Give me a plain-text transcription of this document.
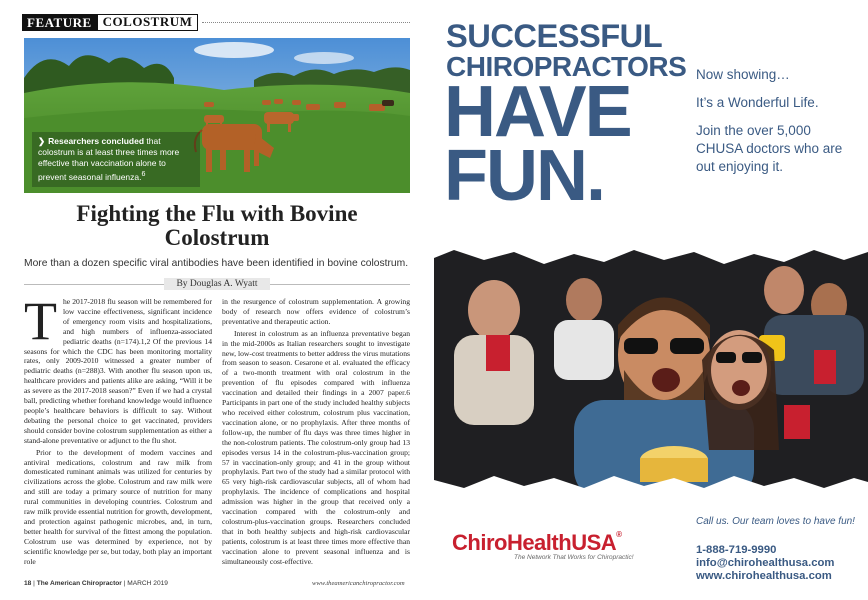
FEATURE COLOSTRUM
❯ Researchers concluded that colostrum is at least three times more effective than vaccination alone to prevent seasonal influenza.$^6$
Fighting the Flu with Bovine Colostrum
More than a dozen specific viral antibodies have been identified in bovine colostrum.
By Douglas A. Wyatt

The 2017-2018 flu season will be remembered for low vaccine effectiveness, significant incidence of emergency room visits and hospitalizations, and high numbers of influenza-associated pediatric deaths (n=174).1,2 Of the previous 14 seasons for which the CDC has been monitoring mortality rates, only 2009-2010 witnessed a greater number of pediatric deaths (n=288)3. With another flu season upon us, healthcare providers and patients alike are asking, “Will it be as severe as the 2017-2018 season?” Even if we had a crystal ball, predicting whether forehand knowledge would influence people’s healthcare behaviors is difficult to say. Without debating the personal choice to get vaccinated, providers should consider bovine colostrum supplementation as either a stand-alone preventative or adjunct to the flu shot.

Prior to the development of modern vaccines and antiviral medications, colostrum and raw milk from domesticated ruminant animals was utilized for centuries by civilizations across the globe. Colostrum and raw milk were and still are today a primary source of nutrition for many rural communities in developing countries. Colostrum and raw milk provide essential nutrition for growth, development, and protection against pathogenic microbes, and, in turn, better health for survival of the fittest among the population. Colostrum use was determined by experience, not by scientific knowledge per se, but today, both play an important role

in the resurgence of colostrum supplementation. A growing body of research now offers evidence of colostrum’s preventative and therapeutic action.

Interest in colostrum as an influenza preventative began in the mid-2000s as Italian researchers sought to investigate new, low-cost treatments to better address the virus mutations from season to season. Cesarone et al. evaluated the efficacy of a two-month treatment with oral colostrum in the prevention of flu episodes compared with influenza vaccination and detailed their findings in a 2007 paper.6 Participants in part one of the study included healthy subjects who received either colostrum, colostrum plus vaccination, vaccination alone, or no prophylaxis. After three months of follow-up, the number of flu days was three times higher in the non-colostrum patients. The colostrum-only group had 13 episodes versus 14 in the colostrum-plus-vaccination group; 57 in vaccination-only group; and 41 in the group without prophylaxis. Part two of the study had a similar protocol with 65 very high-risk cardiovascular subjects, all of whom had prophylaxis. The incidence of complications and hospital admission was higher in the group that received only a vaccination compared with the colostrum-only and colostrum-plus-vaccination groups. Researchers concluded that in both healthy subjects and high-risk cardiovascular patients, colostrum is at least three times more effective than vaccination alone to prevent seasonal influenza and is simultaneously cost-effective.

18 | The American Chiropractor | MARCH 2019	www.theamericanchiropractor.com
SUCCESSFUL
CHIROPRACTORS
HAVE
FUN.

Now showing…

It’s a Wonderful Life.

Join the over 5,000 CHUSA doctors who are out enjoying it.

Call us. Our team loves to have fun!
ChiroHealthUSA®
The Network That Works for Chiropractic!
1-888-719-9990
info@chirohealthusa.com
www.chirohealthusa.com
